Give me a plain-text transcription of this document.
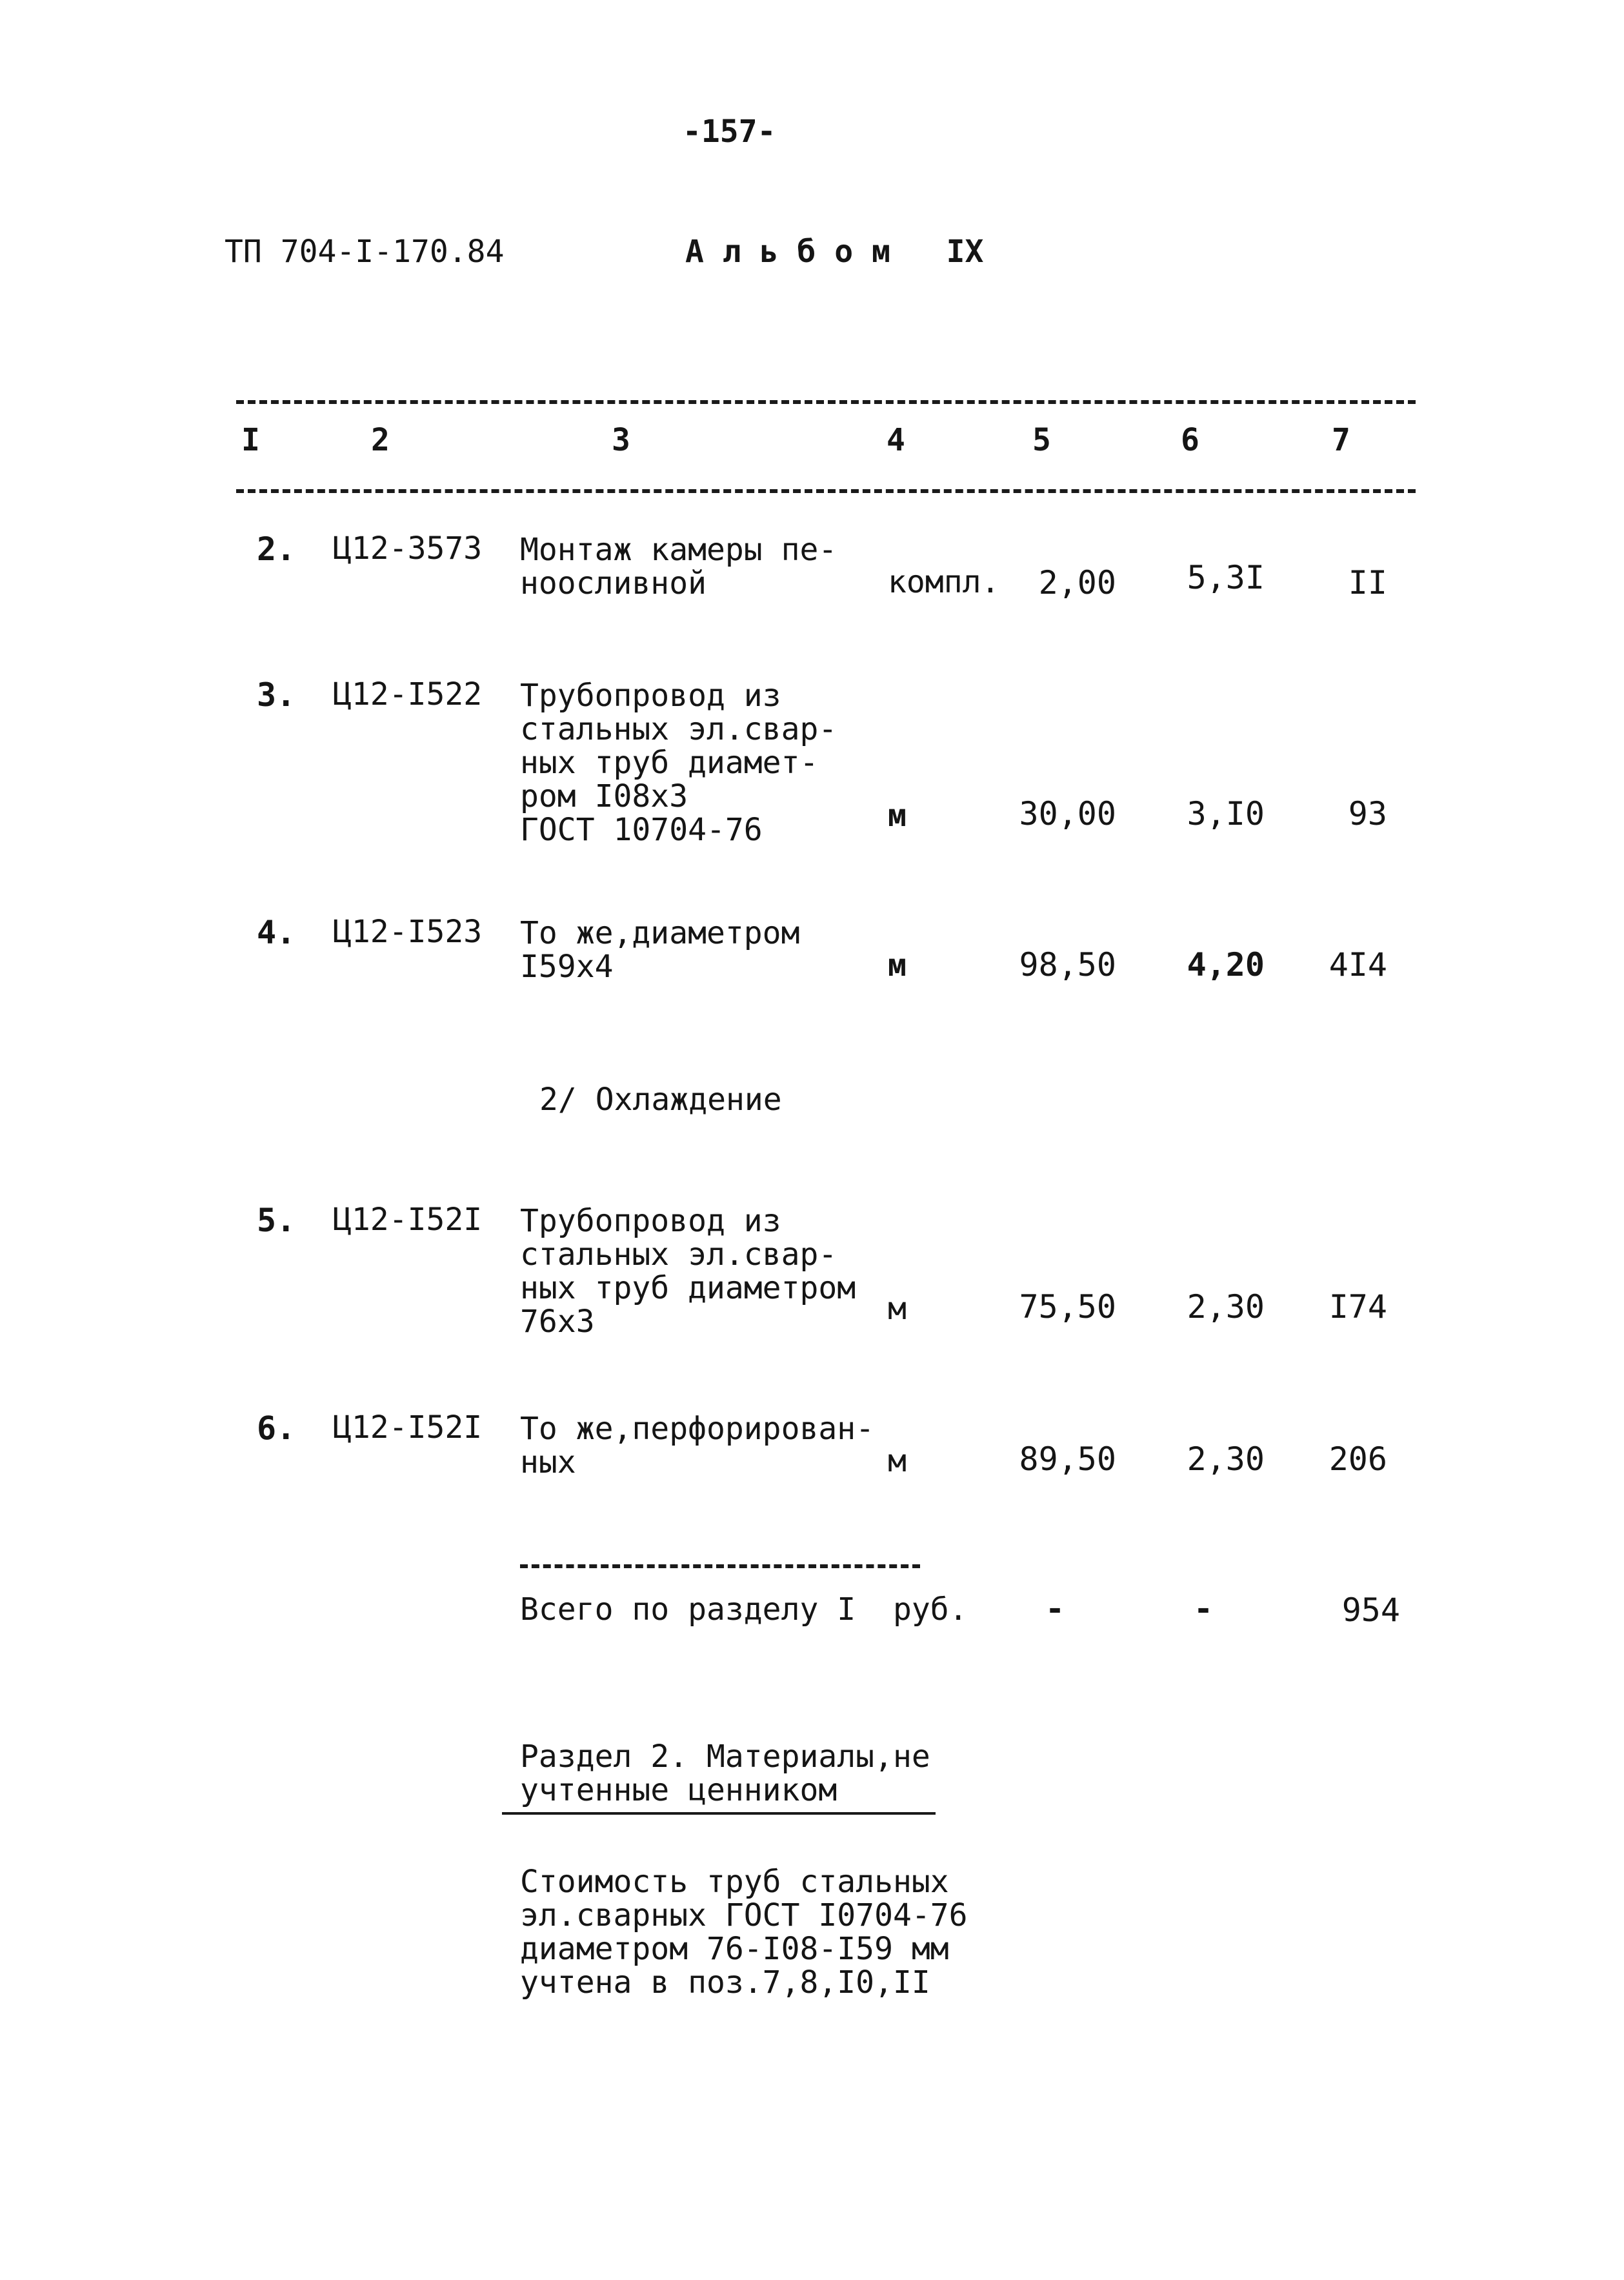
-157-
ТП 704-I-170.84	А л ь б о м   IX
I	2	3	4	5	6	7
2. Ц12-3573 Монтаж камеры пе-
ноосливной	компл.	2,00	5,3I	II
3. Ц12-I522 Трубопровод из
стальных эл.свар-
ных труб диамет-
ром I08х3
ГОСТ 10704-76	м	30,00	3,I0	93
4. Ц12-I523 То же,диаметром
I59х4	м	98,50	4,20	4I4
2/ Охлаждение
5. Ц12-I52I Трубопровод из
стальных эл.свар-
ных труб диаметром
76х3	м	75,50	2,30	I74
6. Ц12-I52I То же,перфорирован-
ных	м	89,50	2,30	206
Всего по разделу I руб.	-	-	954
Раздел 2. Материалы,не
учтенные ценником
Стоимость труб стальных
эл.сварных ГОСТ I0704-76
диаметром 76-I08-I59 мм
учтена в поз.7,8,I0,II
